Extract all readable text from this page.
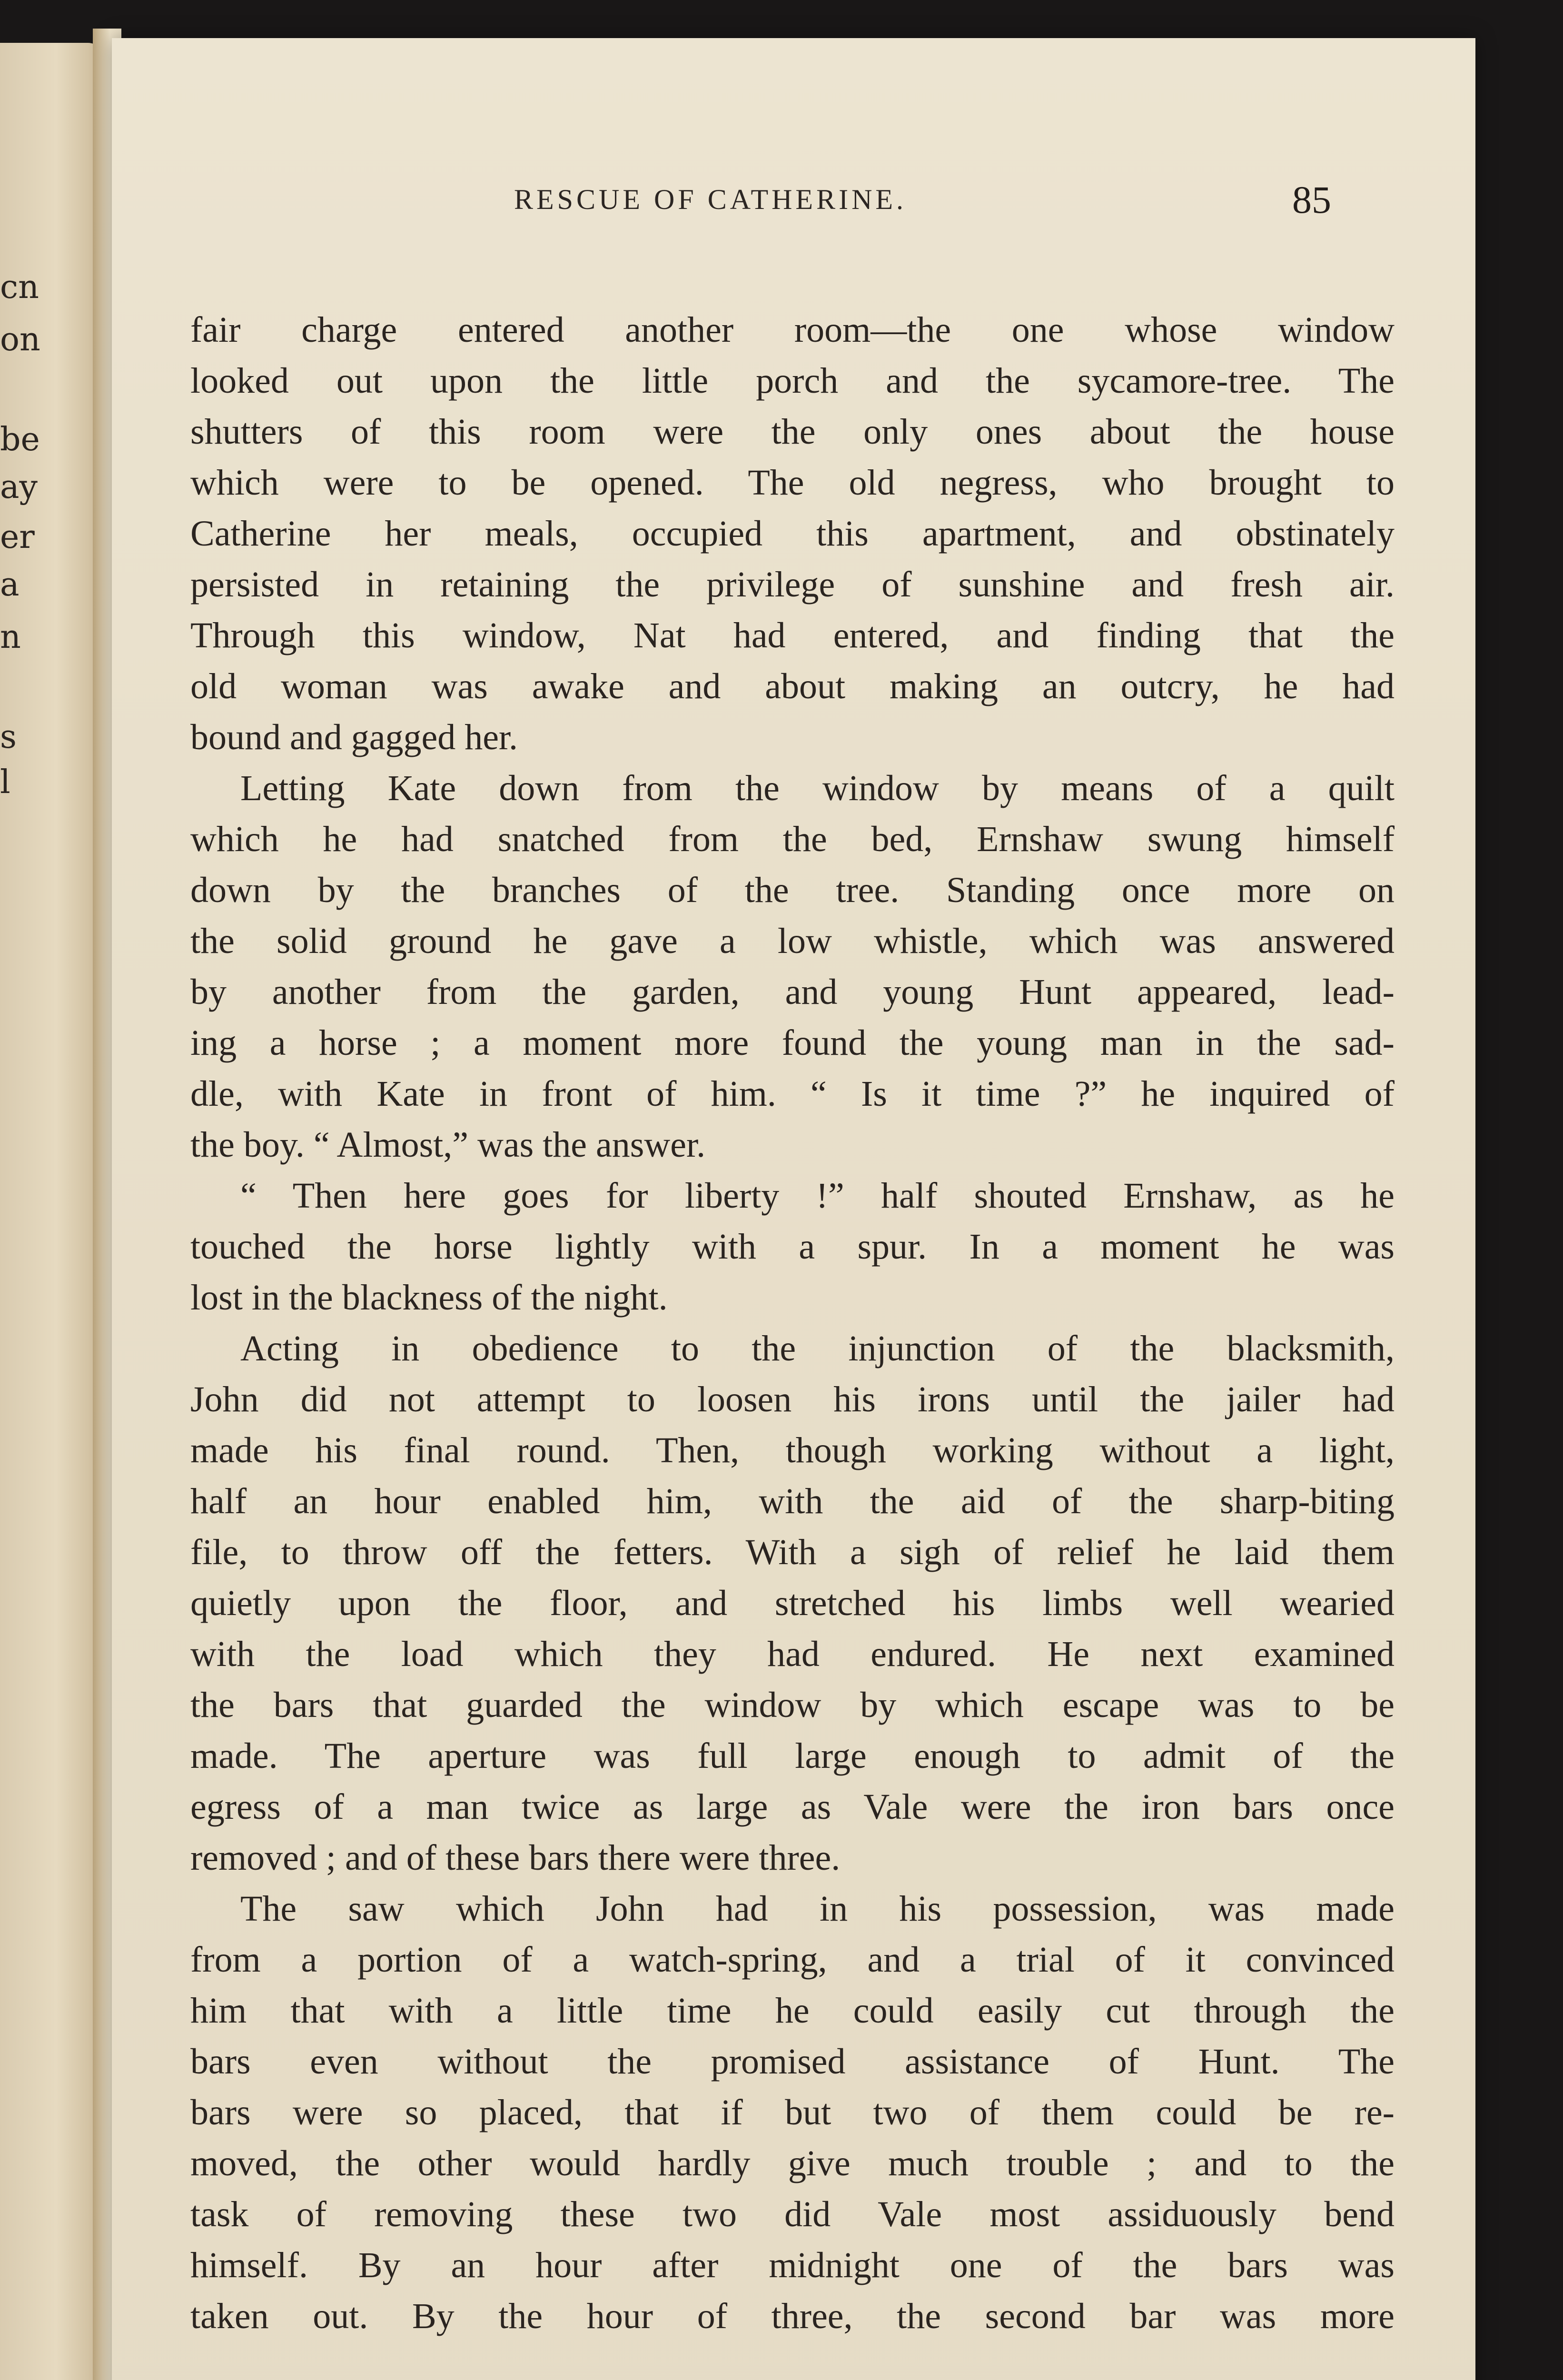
cn
on
be
ay
er
a
n
s
l
RESCUE OF CATHERINE.	85
fair charge entered another room—the one whose window
looked out upon the little porch and the sycamore-tree. The
shutters of this room were the only ones about the house
which were to be opened. The old negress, who brought to
Catherine her meals, occupied this apartment, and obstinately
persisted in retaining the privilege of sunshine and fresh air.
Through this window, Nat had entered, and finding that the
old woman was awake and about making an outcry, he had
bound and gagged her.
Letting Kate down from the window by means of a quilt
which he had snatched from the bed, Ernshaw swung himself
down by the branches of the tree. Standing once more on
the solid ground he gave a low whistle, which was answered
by another from the garden, and young Hunt appeared, lead-
ing a horse ; a moment more found the young man in the sad-
dle, with Kate in front of him. “ Is it time ?” he inquired of
the boy. “ Almost,” was the answer.
“ Then here goes for liberty !” half shouted Ernshaw, as he
touched the horse lightly with a spur. In a moment he was
lost in the blackness of the night.
Acting in obedience to the injunction of the blacksmith,
John did not attempt to loosen his irons until the jailer had
made his final round. Then, though working without a light,
half an hour enabled him, with the aid of the sharp-biting
file, to throw off the fetters. With a sigh of relief he laid them
quietly upon the floor, and stretched his limbs well wearied
with the load which they had endured. He next examined
the bars that guarded the window by which escape was to be
made. The aperture was full large enough to admit of the
egress of a man twice as large as Vale were the iron bars once
removed ; and of these bars there were three.
The saw which John had in his possession, was made
from a portion of a watch-spring, and a trial of it convinced
him that with a little time he could easily cut through the
bars even without the promised assistance of Hunt. The
bars were so placed, that if but two of them could be re-
moved, the other would hardly give much trouble ; and to the
task of removing these two did Vale most assiduously bend
himself. By an hour after midnight one of the bars was
taken out. By the hour of three, the second bar was more
